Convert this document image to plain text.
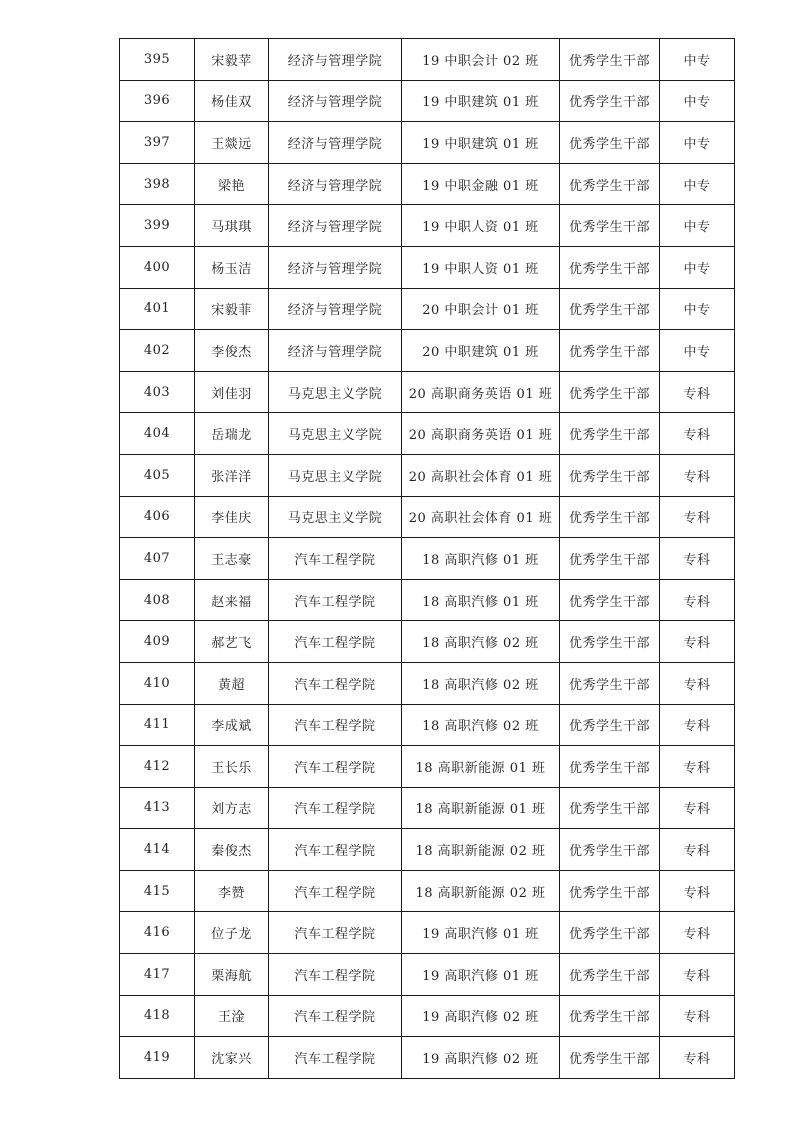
395	宋毅苹	经济与管理学院	19 中职会计 02 班	优秀学生干部	中专
396	杨佳双	经济与管理学院	19 中职建筑 01 班	优秀学生干部	中专
397	王燚远	经济与管理学院	19 中职建筑 01 班	优秀学生干部	中专
398	梁艳	经济与管理学院	19 中职金融 01 班	优秀学生干部	中专
399	马琪琪	经济与管理学院	19 中职人资 01 班	优秀学生干部	中专
400	杨玉洁	经济与管理学院	19 中职人资 01 班	优秀学生干部	中专
401	宋毅菲	经济与管理学院	20 中职会计 01 班	优秀学生干部	中专
402	李俊杰	经济与管理学院	20 中职建筑 01 班	优秀学生干部	中专
403	刘佳羽	马克思主义学院	20 高职商务英语 01 班	优秀学生干部	专科
404	岳瑞龙	马克思主义学院	20 高职商务英语 01 班	优秀学生干部	专科
405	张洋洋	马克思主义学院	20 高职社会体育 01 班	优秀学生干部	专科
406	李佳庆	马克思主义学院	20 高职社会体育 01 班	优秀学生干部	专科
407	王志豪	汽车工程学院	18 高职汽修 01 班	优秀学生干部	专科
408	赵来福	汽车工程学院	18 高职汽修 01 班	优秀学生干部	专科
409	郝艺飞	汽车工程学院	18 高职汽修 02 班	优秀学生干部	专科
410	黄超	汽车工程学院	18 高职汽修 02 班	优秀学生干部	专科
411	李成斌	汽车工程学院	18 高职汽修 02 班	优秀学生干部	专科
412	王长乐	汽车工程学院	18 高职新能源 01 班	优秀学生干部	专科
413	刘方志	汽车工程学院	18 高职新能源 01 班	优秀学生干部	专科
414	秦俊杰	汽车工程学院	18 高职新能源 02 班	优秀学生干部	专科
415	李赞	汽车工程学院	18 高职新能源 02 班	优秀学生干部	专科
416	位子龙	汽车工程学院	19 高职汽修 01 班	优秀学生干部	专科
417	栗海航	汽车工程学院	19 高职汽修 01 班	优秀学生干部	专科
418	王淦	汽车工程学院	19 高职汽修 02 班	优秀学生干部	专科
419	沈家兴	汽车工程学院	19 高职汽修 02 班	优秀学生干部	专科
